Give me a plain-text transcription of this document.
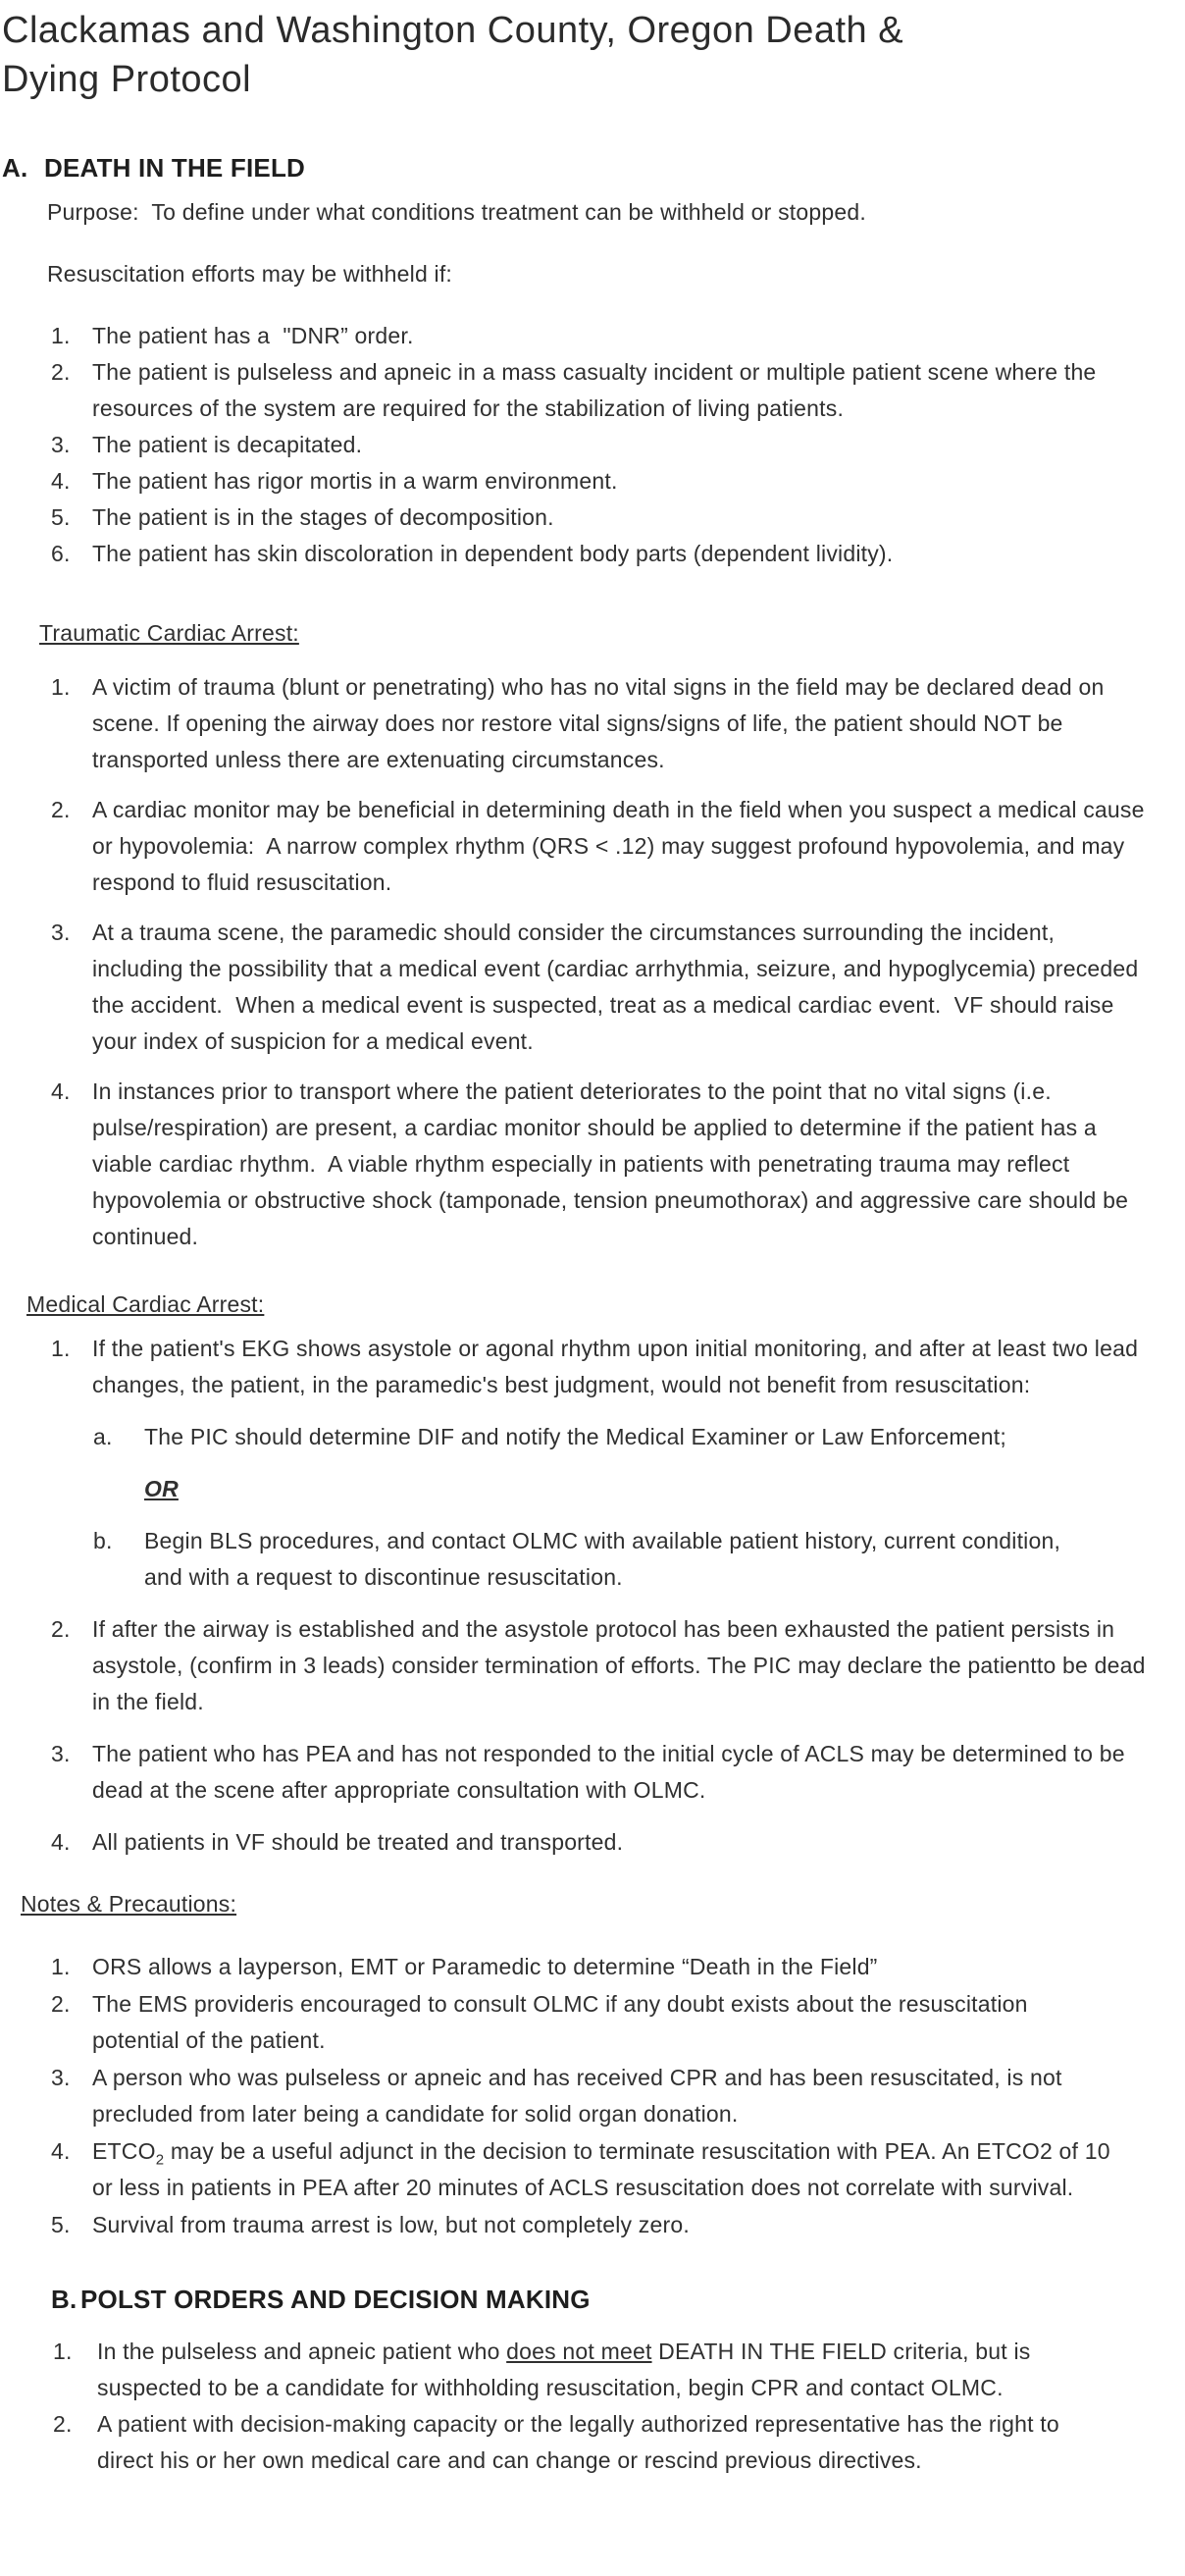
Clackamas and Washington County, Oregon Death &
Dying Protocol
A. DEATH IN THE FIELD

Purpose:  To define under what conditions treatment can be withheld or stopped.

Resuscitation efforts may be withheld if:

1. The patient has a  "DNR” order.
2. The patient is pulseless and apneic in a mass casualty incident or multiple patient scene where the resources of the system are required for the stabilization of living patients.
3. The patient is decapitated.
4. The patient has rigor mortis in a warm environment.
5. The patient is in the stages of decomposition.
6. The patient has skin discoloration in dependent body parts (dependent lividity).
Traumatic Cardiac Arrest:
1. A victim of trauma (blunt or penetrating) who has no vital signs in the field may be declared dead on scene. If opening the airway does nor restore vital signs/signs of life, the patient should NOT be transported unless there are extenuating circumstances.
2. A cardiac monitor may be beneficial in determining death in the field when you suspect a medical cause or hypovolemia:  A narrow complex rhythm (QRS < .12) may suggest profound hypovolemia, and may respond to fluid resuscitation.
3. At a trauma scene, the paramedic should consider the circumstances surrounding the incident, including the possibility that a medical event (cardiac arrhythmia, seizure, and hypoglycemia) preceded the accident.  When a medical event is suspected, treat as a medical cardiac event.  VF should raise your index of suspicion for a medical event.
4. In instances prior to transport where the patient deteriorates to the point that no vital signs (i.e. pulse/respiration) are present, a cardiac monitor should be applied to determine if the patient has a viable cardiac rhythm.  A viable rhythm especially in patients with penetrating trauma may reflect hypovolemia or obstructive shock (tamponade, tension pneumothorax) and aggressive care should be continued.
Medical Cardiac Arrest:
1. If the patient's EKG shows asystole or agonal rhythm upon initial monitoring, and after at least two lead changes, the patient, in the paramedic's best judgment, would not benefit from resuscitation:
a.	The PIC should determine DIF and notify the Medical Examiner or Law Enforcement;
OR
b.	Begin BLS procedures, and contact OLMC with available patient history, current condition, and with a request to discontinue resuscitation.
2. If after the airway is established and the asystole protocol has been exhausted the patient persists in asystole, (confirm in 3 leads) consider termination of efforts. The PIC may declare the patientto be dead in the field.
3. The patient who has PEA and has not responded to the initial cycle of ACLS may be determined to be dead at the scene after appropriate consultation with OLMC.
4. All patients in VF should be treated and transported.
Notes & Precautions:
1. ORS allows a layperson, EMT or Paramedic to determine “Death in the Field”
2. The EMS provideris encouraged to consult OLMC if any doubt exists about the resuscitation potential of the patient.
3. A person who was pulseless or apneic and has received CPR and has been resuscitated, is not precluded from later being a candidate for solid organ donation.
4. $ETCO_2$ may be a useful adjunct in the decision to terminate resuscitation with PEA. An ETCO2 of 10 or less in patients in PEA after 20 minutes of ACLS resuscitation does not correlate with survival.
5. Survival from trauma arrest is low, but not completely zero.
B. POLST ORDERS AND DECISION MAKING
1.	In the pulseless and apneic patient who does not meet DEATH IN THE FIELD criteria, but is suspected to be a candidate for withholding resuscitation, begin CPR and contact OLMC.
2.	A patient with decision-making capacity or the legally authorized representative has the right to direct his or her own medical care and can change or rescind previous directives.
